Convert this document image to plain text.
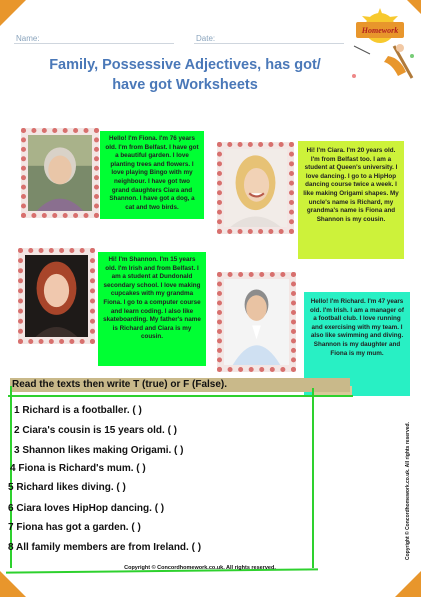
Name:	Date:
Homework
Family, Possessive Adjectives, has got/
have got Worksheets
Hello! I'm Fiona. I'm 76 years old. I'm from Belfast. I have got a beautiful garden. I love planting trees and flowers. I love playing Bingo with my neighbour. I have got two grand daughters Ciara and Shannon. I have got a dog, a cat and two birds.
Hi! I'm Ciara. I'm 20 years old. I'm from Belfast too. I am a student at Queen's university. I love dancing. I go to a HipHop dancing course twice a week. I like making Origami shapes. My uncle's name is Richard, my grandma's name is Fiona and Shannon is my cousin.
Hi! I'm Shannon. I'm 15 years old. I'm Irish and from Belfast. I am a student at Dundonald secondary school. I love making cupcakes with my grandma Fiona. I go to a computer course and learn coding. I also like skateboarding. My father's name is Richard and Ciara is my cousin.
Hello! I'm Richard. I'm 47 years old. I'm Irish. I am a manager of a football club. I love running and exercising with my team. I also like swimming and diving. Shannon is my daughter and Fiona is my mum.
Read the texts then write T (true) or F (False).
1 Richard is a footballer. ( )
2 Ciara's cousin is 15 years old. ( )
3 Shannon likes making Origami. ( )
4 Fiona is Richard's mum. ( )
5 Richard likes diving. ( )
6 Ciara loves HipHop dancing. ( )
7 Fiona has got a garden. ( )
8 All family members are from Ireland. ( )
Copyright © Concordhomework.co.uk. All rights reserved.
Copyright © Concordhomework.co.uk. All rights reserved.
